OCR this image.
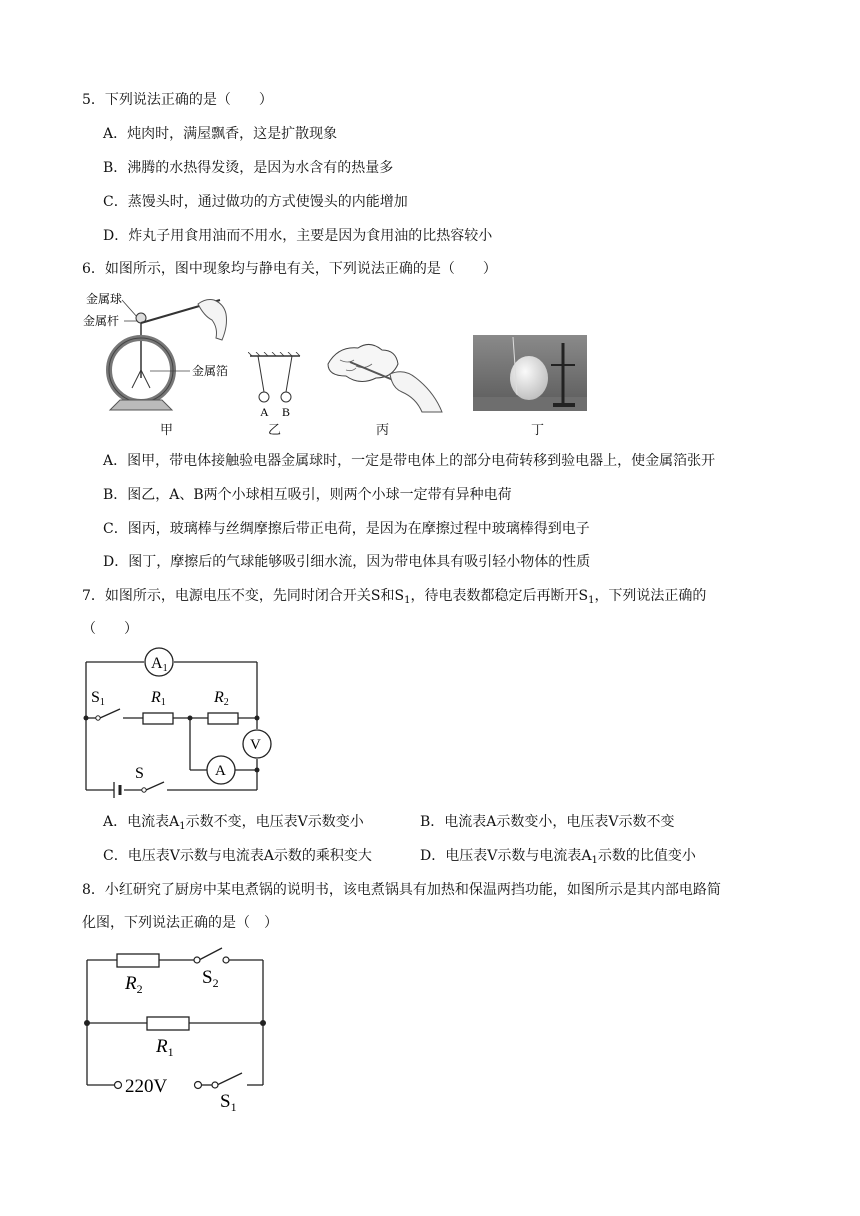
5．下列说法正确的是（　　）
A．炖肉时，满屋飘香，这是扩散现象
B．沸腾的水热得发烫，是因为水含有的热量多
C．蒸馒头时，通过做功的方式使馒头的内能增加
D．炸丸子用食用油而不用水，主要是因为食用油的比热容较小
6．如图所示，图中现象均与静电有关，下列说法正确的是（　　）
金属球
金属杆
金属箔
A B
甲	乙	丙	丁
A．图甲，带电体接触验电器金属球时，一定是带电体上的部分电荷转移到验电器上，使金属箔张开
B．图乙，A、B两个小球相互吸引，则两个小球一定带有异种电荷
C．图丙，玻璃棒与丝绸摩擦后带正电荷，是因为在摩擦过程中玻璃棒得到电子
D．图丁，摩擦后的气球能够吸引细水流，因为带电体具有吸引轻小物体的性质
7．如图所示，电源电压不变，先同时闭合开关S和$S_1$，待电表数都稳定后再断开$S_1$，下列说法正确的
（　　）
A1
V
A
S1	R1	R2
S
A．电流表$A_1$示数不变，电压表V示数变小	B．电流表A示数变小，电压表V示数不变
C．电压表V示数与电流表A示数的乘积变大	D．电压表V示数与电流表$A_1$示数的比值变小
8．小红研究了厨房中某电煮锅的说明书，该电煮锅具有加热和保温两挡功能，如图所示是其内部电路简
化图，下列说法正确的是（　）
$R_2$
$S_2$
$R_1$
220V
$S_1$
